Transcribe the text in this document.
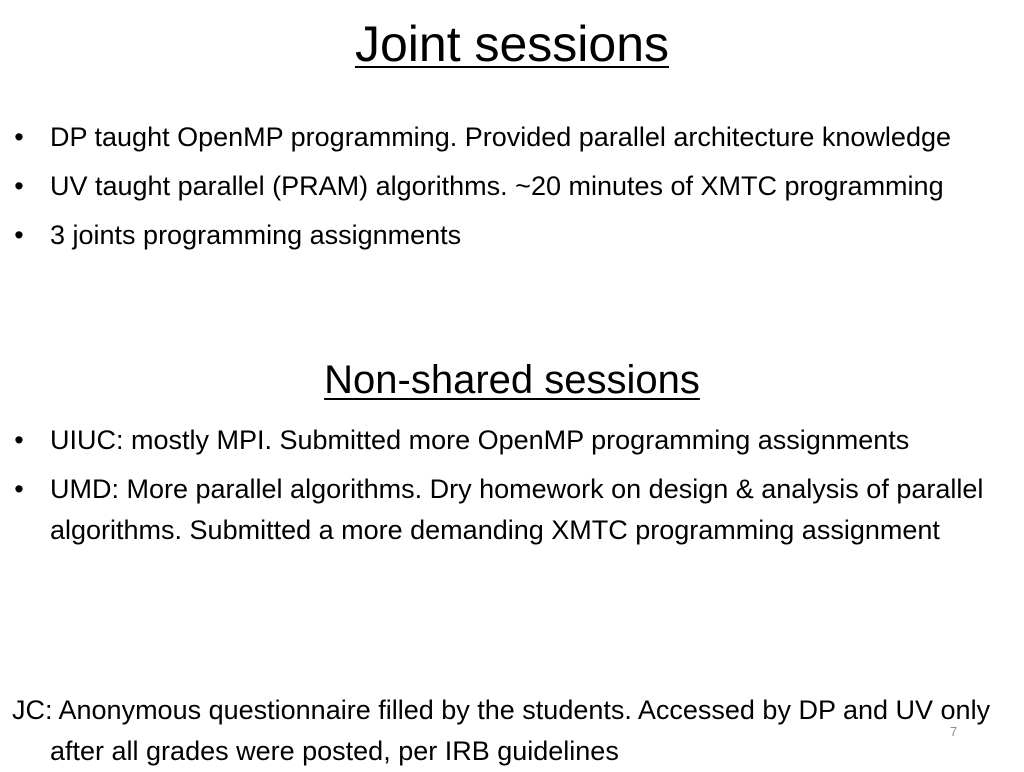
Joint sessions
• DP taught OpenMP programming. Provided parallel architecture knowledge
• UV taught parallel (PRAM) algorithms. ~20 minutes of XMTC programming
• 3 joints programming assignments
Non-shared sessions
• UIUC: mostly MPI. Submitted more OpenMP programming assignments
• UMD: More parallel algorithms. Dry homework on design & analysis of parallel algorithms. Submitted a more demanding XMTC programming assignment
JC: Anonymous questionnaire filled by the students. Accessed by DP and UV only after all grades were posted, per IRB guidelines
7
